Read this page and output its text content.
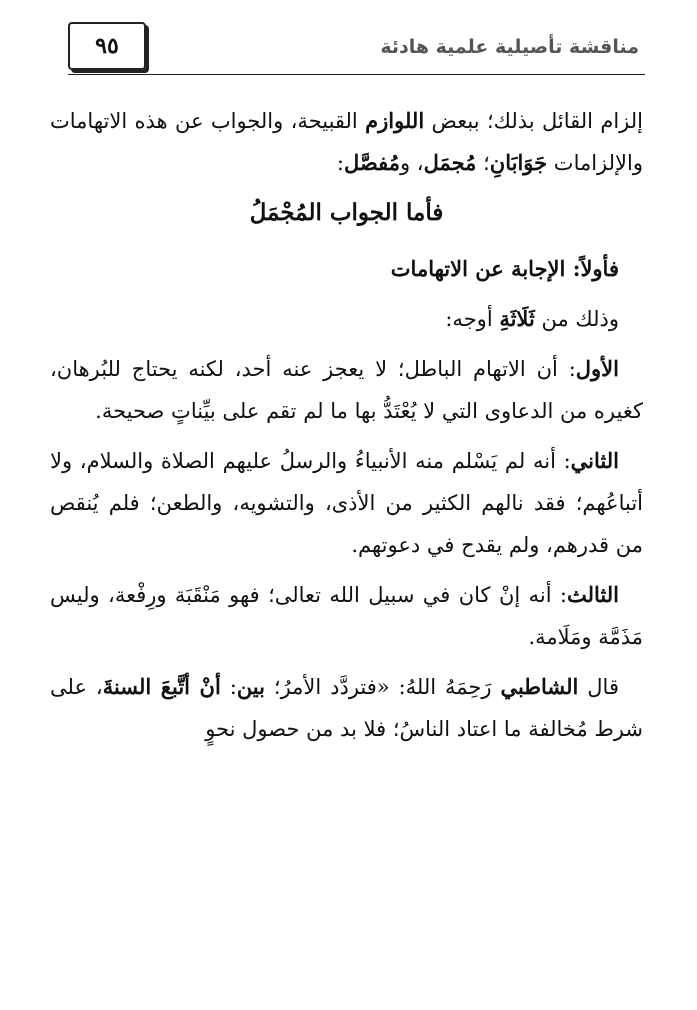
٩٥	مناقشة تأصيلية علمية هادئة

إلزام القائل بذلك؛ ببعض اللوازم القبيحة، والجواب عن هذه الاتهامات والإلزامات جَوَابَانِ؛ مُجمَل، ومُفصَّل:

فأما الجواب المُجْمَلُ

فأولاً: الإجابة عن الاتهامات

وذلك من ثَلَاثَةِ أوجه:

الأول: أن الاتهام الباطل؛ لا يعجز عنه أحد، لكنه يحتاج للبُرهان، كغيره من الدعاوى التي لا يُعْتَدُّ بها ما لم تقم على بيِّناتٍ صحيحة.

الثاني: أنه لم يَسْلم منه الأنبياءُ والرسلُ عليهم الصلاة والسلام، ولا أتباعُهم؛ فقد نالهم الكثير من الأذى، والتشويه، والطعن؛ فلم يُنقص من قدرهم، ولم يقدح في دعوتهم.

الثالث: أنه إنْ كان في سبيل الله تعالى؛ فهو مَنْقَبَة ورِفْعة، وليس مَذَمَّة ومَلَامة.

قال الشاطبي رَحِمَهُ اللهُ: «فتردَّد الأمرُ؛ بين: أنْ أتَّبعَ السنةَ، على شرط مُخالفة ما اعتاد الناسُ؛ فلا بد من حصول نحوٍ
